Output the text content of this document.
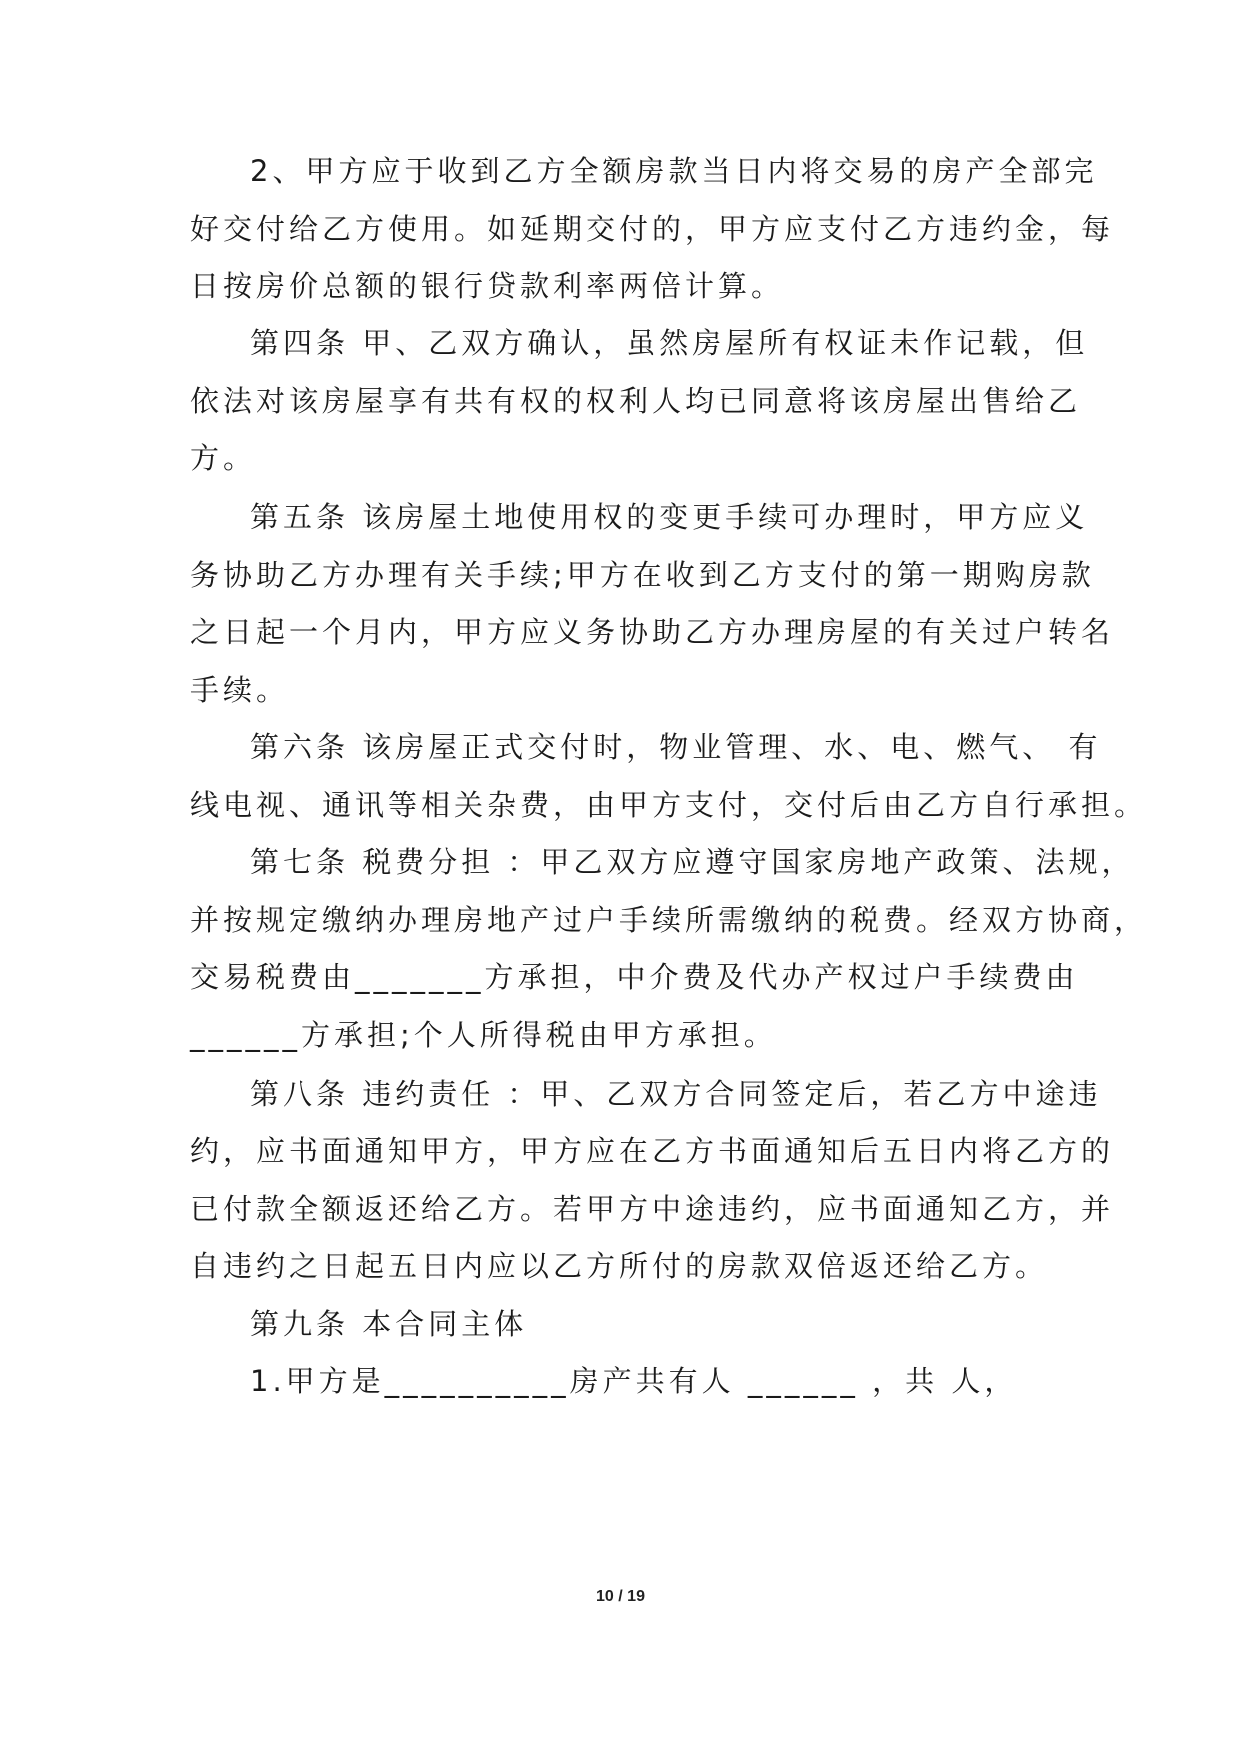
2、甲方应于收到乙方全额房款当日内将交易的房产全部完
好交付给乙方使用。如延期交付的，甲方应支付乙方违约金，每
日按房价总额的银行贷款利率两倍计算。
第四条 甲、乙双方确认，虽然房屋所有权证未作记载，但
依法对该房屋享有共有权的权利人均已同意将该房屋出售给乙
方。
第五条 该房屋土地使用权的变更手续可办理时，甲方应义
务协助乙方办理有关手续;甲方在收到乙方支付的第一期购房款
之日起一个月内，甲方应义务协助乙方办理房屋的有关过户转名
手续。
第六条 该房屋正式交付时，物业管理、水、电、燃气、 有
线电视、通讯等相关杂费，由甲方支付，交付后由乙方自行承担。
第七条 税费分担 ：甲乙双方应遵守国家房地产政策、法规，
并按规定缴纳办理房地产过户手续所需缴纳的税费。经双方协商，
交易税费由_______方承担，中介费及代办产权过户手续费由
______方承担;个人所得税由甲方承担。
第八条 违约责任 ：甲、乙双方合同签定后，若乙方中途违
约，应书面通知甲方，甲方应在乙方书面通知后五日内将乙方的
已付款全额返还给乙方。若甲方中途违约，应书面通知乙方，并
自违约之日起五日内应以乙方所付的房款双倍返还给乙方。
第九条 本合同主体
1.甲方是__________房产共有人 ______ ，共 人，
10 / 19
